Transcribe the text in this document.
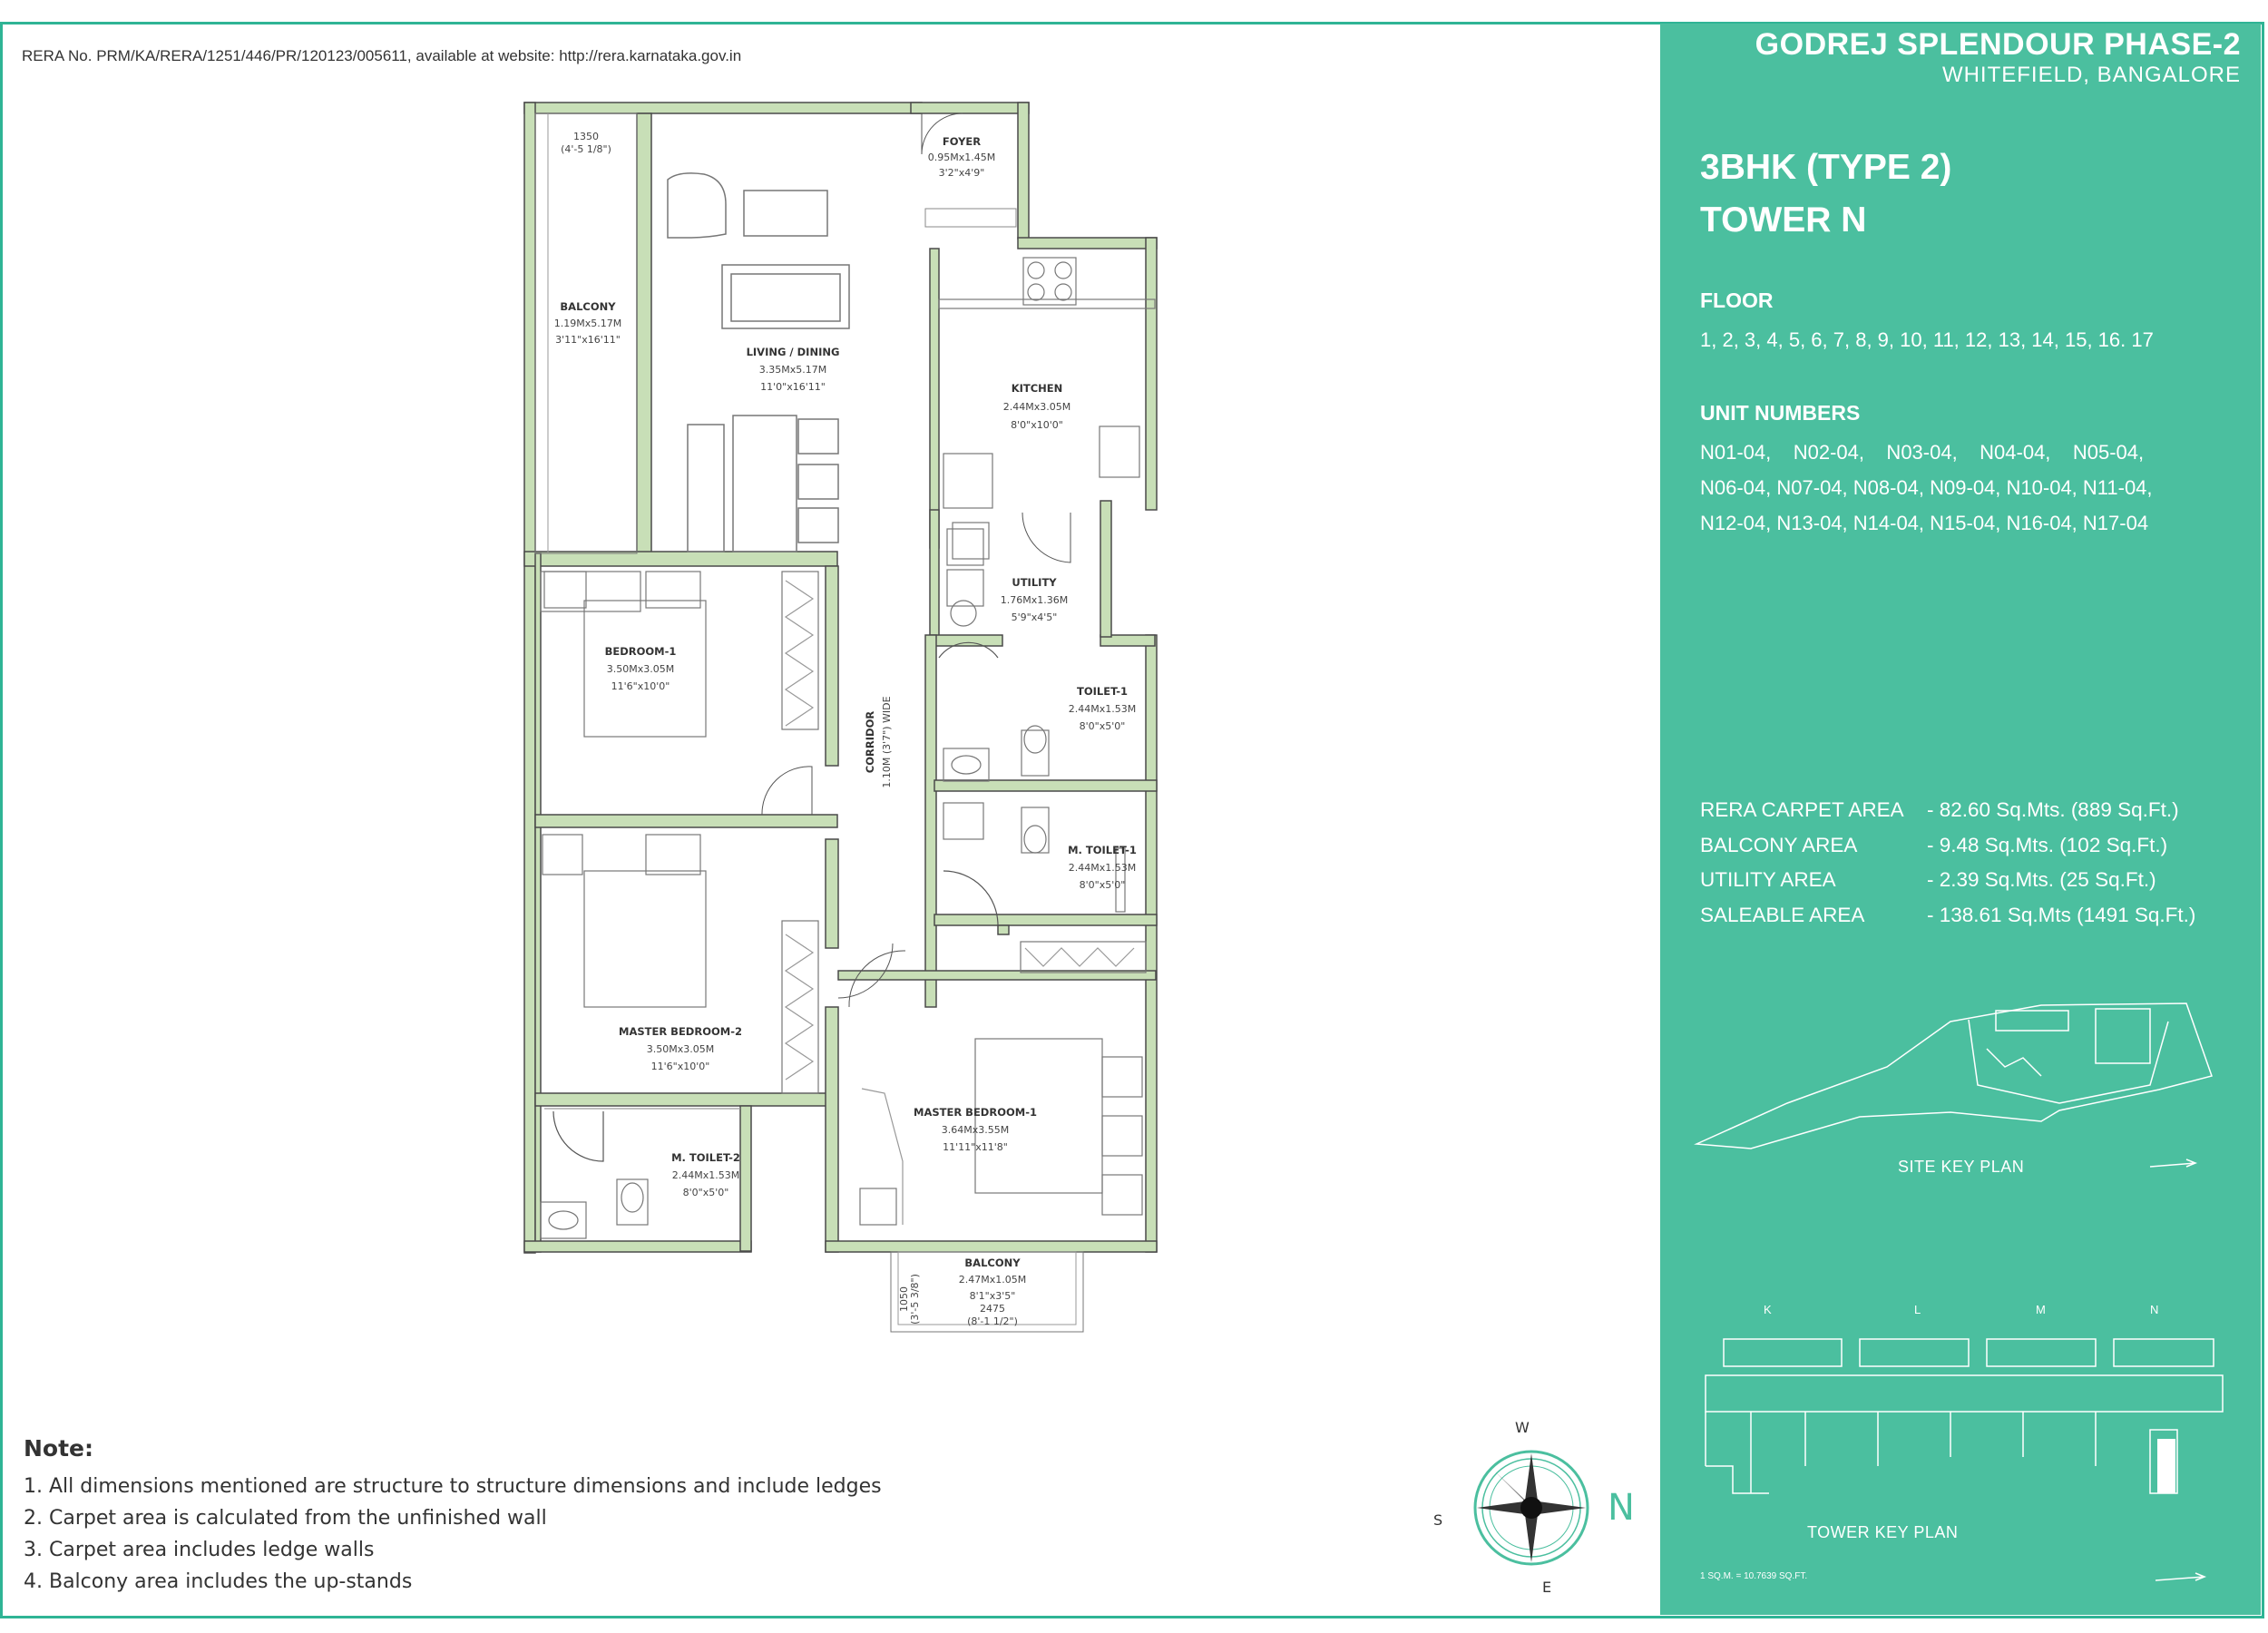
RERA No. PRM/KA/RERA/1251/446/PR/120123/005611, available at website: http://rera.karnataka.gov.in
FOYER
0.95Mx1.45M
3'2"x4'9"
1350
(4'-5 1/8")
BALCONY
1.19Mx5.17M
3'11"x16'11"
LIVING / DINING
3.35Mx5.17M
11'0"x16'11"	KITCHEN
2.44Mx3.05M
8'0"x10'0"
UTILITY
1.76Mx1.36M
5'9"x4'5"
BEDROOM-1
3.50Mx3.05M
11'6"x10'0"
CORRIDOR 1.10M (3'7") WIDE
TOILET-1
2.44Mx1.53M
8'0"x5'0"
M. TOILET-1
2.44Mx1.53M
8'0"x5'0"
MASTER BEDROOM-2
3.50Mx3.05M
11'6"x10'0"
MASTER BEDROOM-1
3.64Mx3.55M
11'11"x11'8"
M. TOILET-2
2.44Mx1.53M
8'0"x5'0"
BALCONY
2.47Mx1.05M
8'1"x3'5"
2475
(8'-1 1/2")
1050 (3'-5 3/8")
Note:
1. All dimensions mentioned are structure to structure dimensions and include ledges
2. Carpet area is calculated from the unfinished wall
3. Carpet area includes ledge walls
4. Balcony area includes the up-stands
W
S
E
N
GODREJ SPLENDOUR PHASE-2
WHITEFIELD, BANGALORE
3BHK (TYPE 2)
TOWER N
FLOOR
1, 2, 3, 4, 5, 6, 7, 8, 9, 10, 11, 12, 13, 14, 15, 16. 17
UNIT NUMBERS
N01-04,    N02-04,    N03-04,    N04-04,    N05-04,
N06-04, N07-04, N08-04, N09-04, N10-04, N11-04,
N12-04, N13-04, N14-04, N15-04, N16-04, N17-04
RERA CARPET AREA	- 82.60 Sq.Mts. (889 Sq.Ft.)
BALCONY AREA	- 9.48 Sq.Mts. (102 Sq.Ft.)
UTILITY AREA	- 2.39 Sq.Mts. (25 Sq.Ft.)
SALEABLE AREA	- 138.61 Sq.Mts (1491 Sq.Ft.)
SITE KEY PLAN
K	L	M	N
TOWER KEY PLAN
1 SQ.M. = 10.7639 SQ.FT.
